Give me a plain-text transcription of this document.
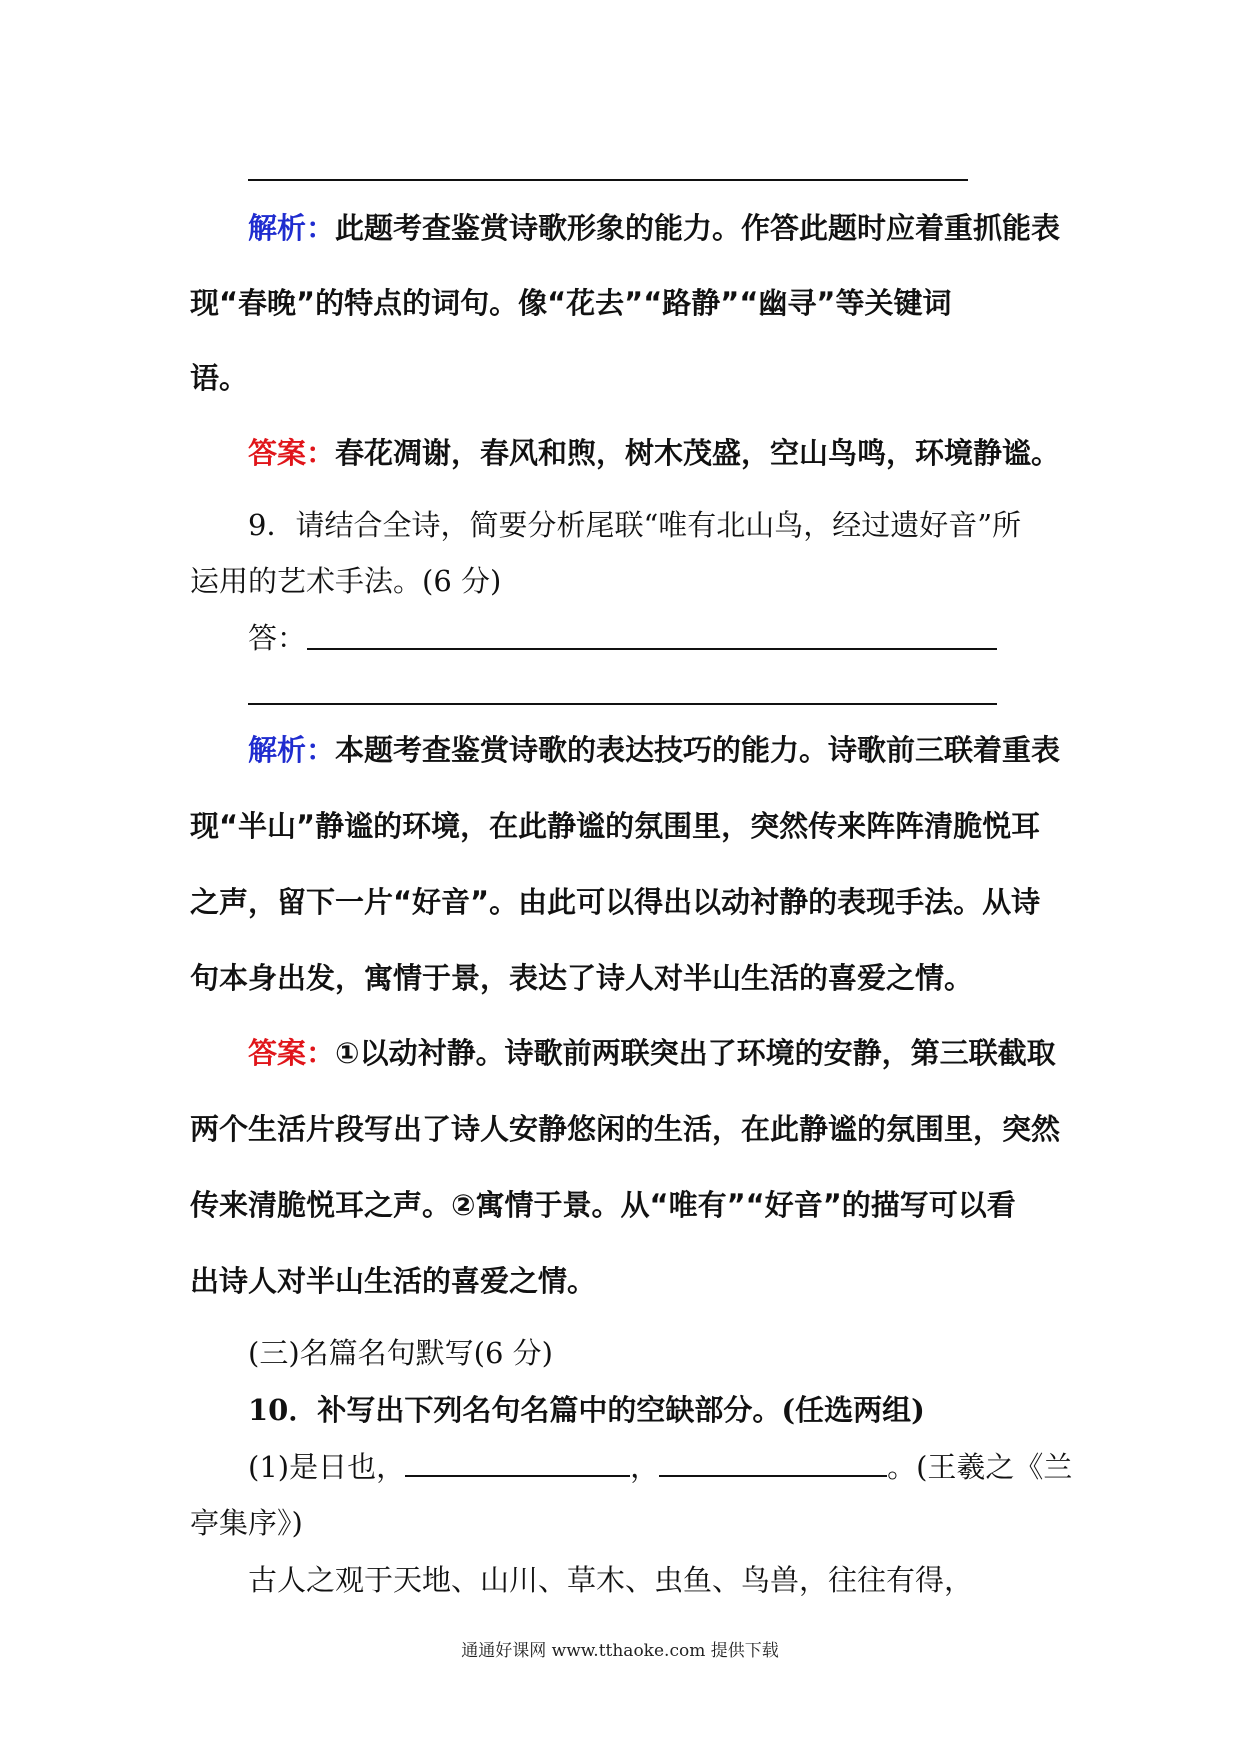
解析：此题考查鉴赏诗歌形象的能力。作答此题时应着重抓能表
现“春晚”的特点的词句。像“花去”“路静”“幽寻”等关键词
语。
答案：春花凋谢，春风和煦，树木茂盛，空山鸟鸣，环境静谧。
9．请结合全诗，简要分析尾联“唯有北山鸟，经过遗好音”所
运用的艺术手法。(6 分)
答：
解析：本题考查鉴赏诗歌的表达技巧的能力。诗歌前三联着重表
现“半山”静谧的环境，在此静谧的氛围里，突然传来阵阵清脆悦耳
之声，留下一片“好音”。由此可以得出以动衬静的表现手法。从诗
句本身出发，寓情于景，表达了诗人对半山生活的喜爱之情。
答案：①以动衬静。诗歌前两联突出了环境的安静，第三联截取
两个生活片段写出了诗人安静悠闲的生活，在此静谧的氛围里，突然
传来清脆悦耳之声。②寓情于景。从“唯有”“好音”的描写可以看
出诗人对半山生活的喜爱之情。
(三)名篇名句默写(6 分)
10．补写出下列名句名篇中的空缺部分。(任选两组)
(1)是日也，	，	。(王羲之《兰
亭集序》)
古人之观于天地、山川、草木、虫鱼、鸟兽，往往有得，
通通好课网 www.tthaoke.com 提供下载
